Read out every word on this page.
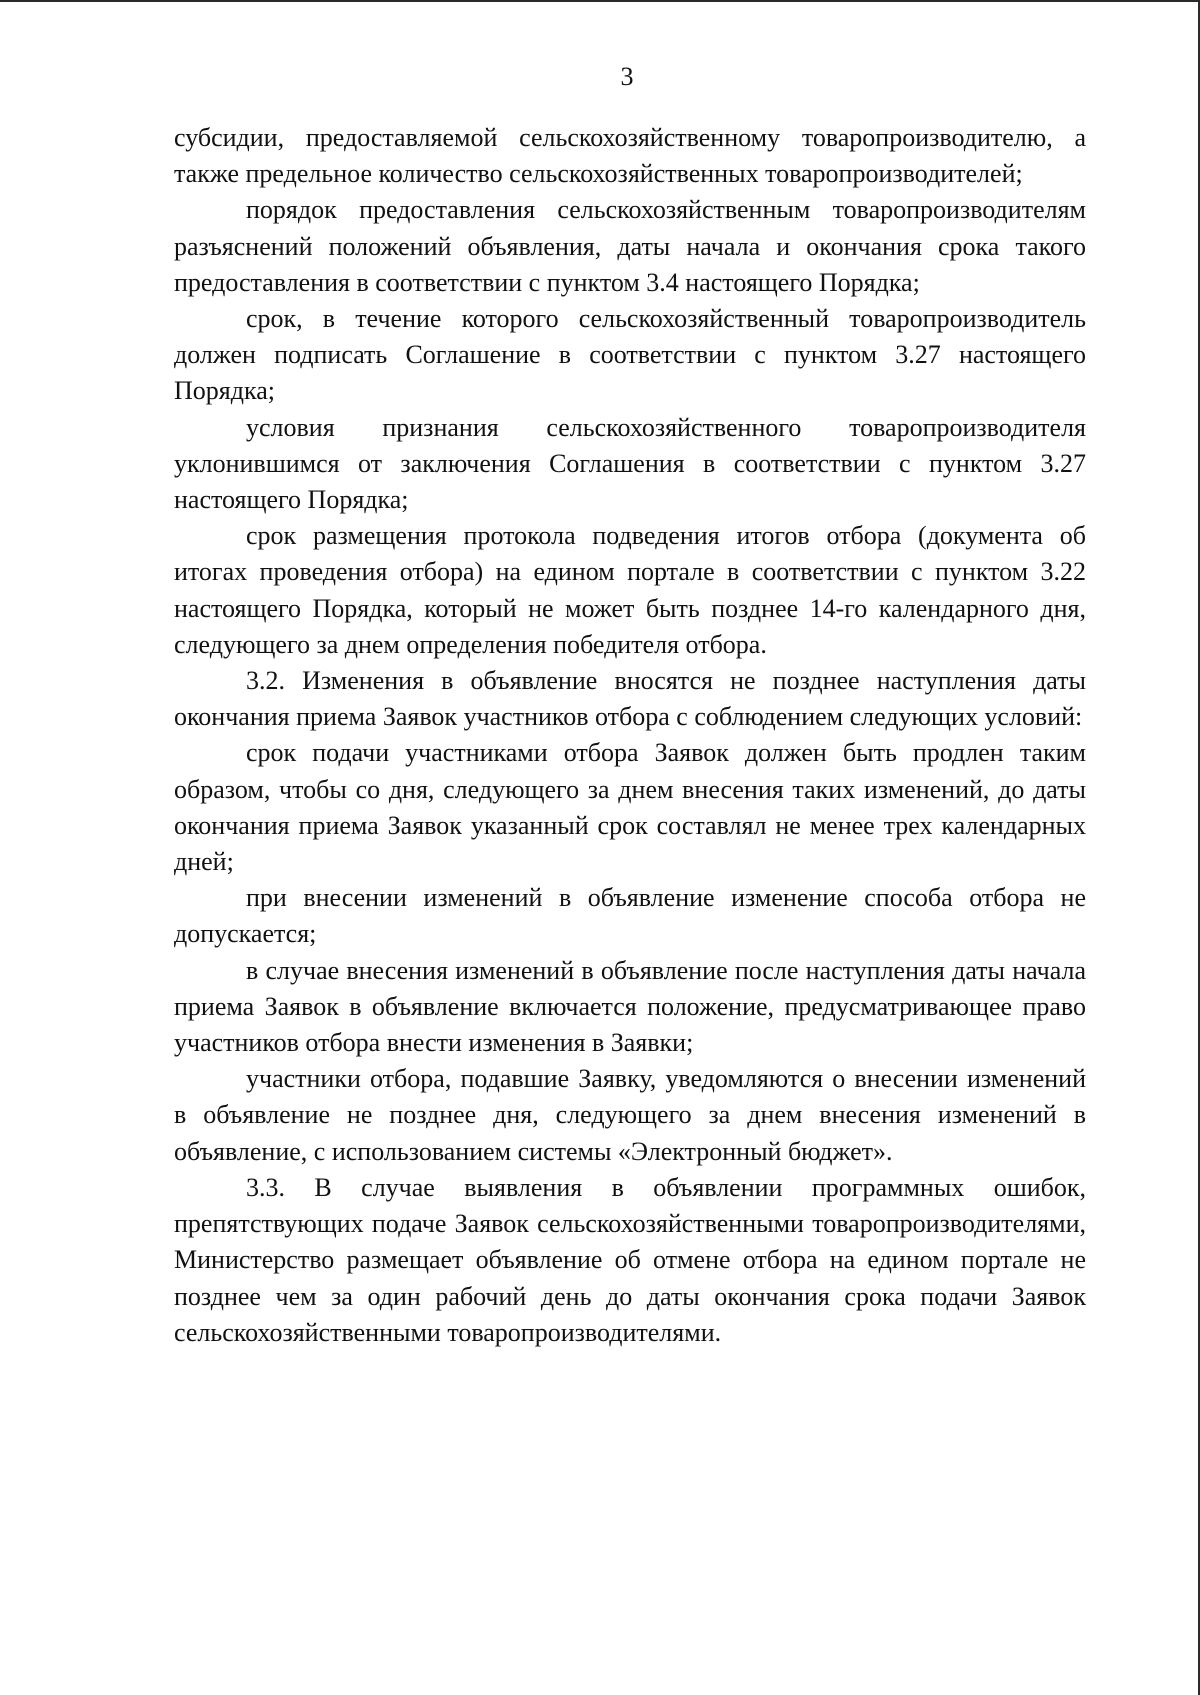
3

субсидии, предоставляемой сельскохозяйственному товаропроизводителю, а также предельное количество сельскохозяйственных товаропроизводителей;

порядок предоставления сельскохозяйственным товаропроизводителям разъяснений положений объявления, даты начала и окончания срока такого предоставления в соответствии с пунктом 3.4 настоящего Порядка;

срок, в течение которого сельскохозяйственный товаропроизводитель должен подписать Соглашение в соответствии с пунктом 3.27 настоящего Порядка;

условия признания сельскохозяйственного товаропроизводителя уклонившимся от заключения Соглашения в соответствии с пунктом 3.27 настоящего Порядка;

срок размещения протокола подведения итогов отбора (документа об итогах проведения отбора) на едином портале в соответствии с пунктом 3.22 настоящего Порядка, который не может быть позднее 14-го календарного дня, следующего за днем определения победителя отбора.

3.2. Изменения в объявление вносятся не позднее наступления даты окончания приема Заявок участников отбора с соблюдением следующих условий:

срок подачи участниками отбора Заявок должен быть продлен таким образом, чтобы со дня, следующего за днем внесения таких изменений, до даты окончания приема Заявок указанный срок составлял не менее трех календарных дней;

при внесении изменений в объявление изменение способа отбора не допускается;

в случае внесения изменений в объявление после наступления даты начала приема Заявок в объявление включается положение, предусматривающее право участников отбора внести изменения в Заявки;

участники отбора, подавшие Заявку, уведомляются о внесении изменений в объявление не позднее дня, следующего за днем внесения изменений в объявление, с использованием системы «Электронный бюджет».

3.3. В случае выявления в объявлении программных ошибок, препятствующих подаче Заявок сельскохозяйственными товаропроизводителями, Министерство размещает объявление об отмене отбора на едином портале не позднее чем за один рабочий день до даты окончания срока подачи Заявок сельскохозяйственными товаропроизводителями.
